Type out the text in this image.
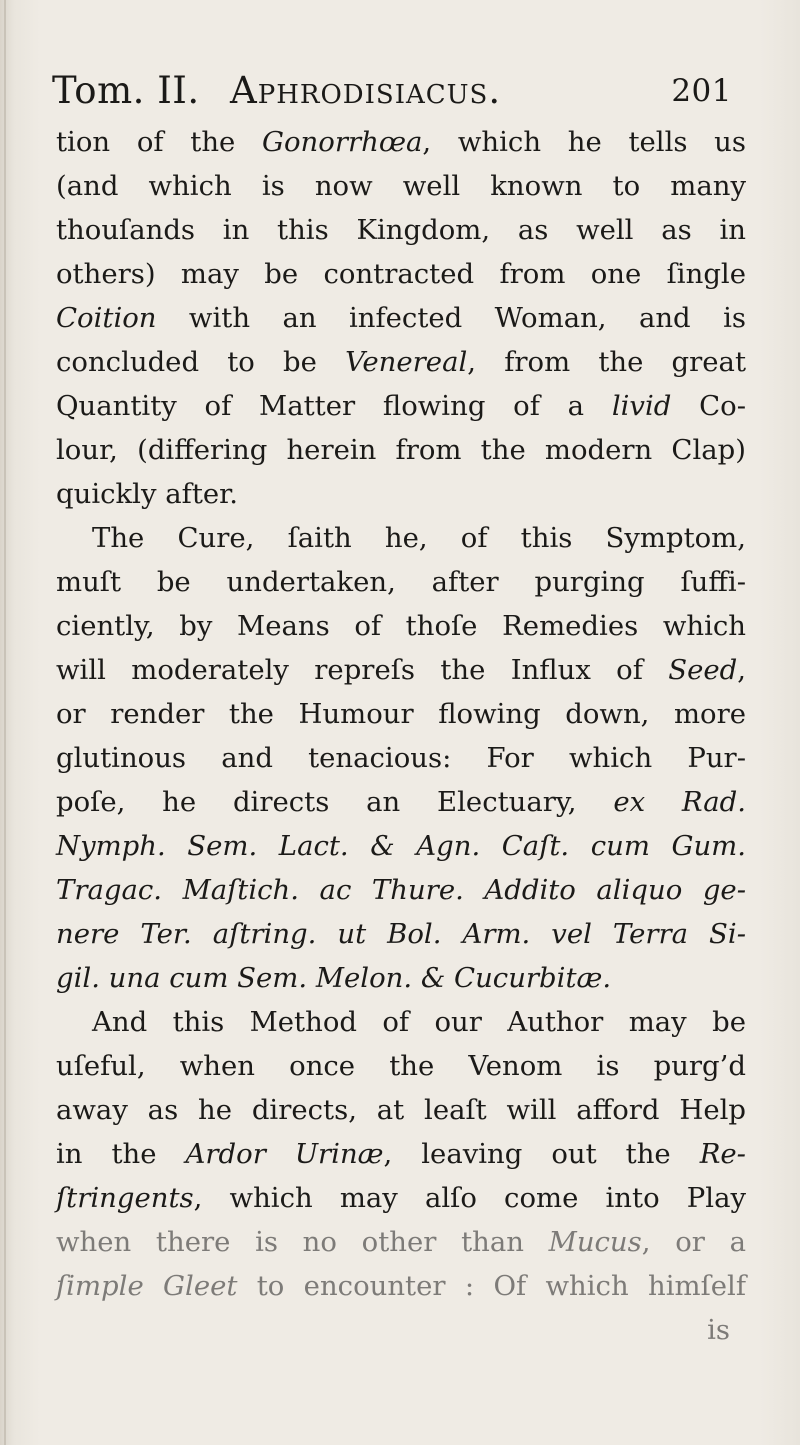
Tom. II. Aphrodisiacus.	201
tion of the Gonorrhœa, which he tells us
(and which is now well known to many
thouſands in this Kingdom, as well as in
others) may be contracted from one ſingle
Coition with an infected Woman, and is
concluded to be Venereal, from the great
Quantity of Matter flowing of a livid Co-
lour, (differing herein from the modern Clap)
quickly after.
The Cure, ſaith he, of this Symptom,
muſt be undertaken, after purging ſuffi-
ciently, by Means of thoſe Remedies which
will moderately repreſs the Influx of Seed,
or render the Humour flowing down, more
glutinous and tenacious: For which Pur-
poſe, he directs an Electuary, ex Rad.
Nymph. Sem. Lact. & Agn. Caſt. cum Gum.
Tragac. Maſtich. ac Thure. Addito aliquo ge-
nere Ter. aſtring. ut Bol. Arm. vel Terra Si-
gil. una cum Sem. Melon. & Cucurbitæ.
And this Method of our Author may be
uſeful, when once the Venom is purg’d
away as he directs, at leaſt will afford Help
in the Ardor Urinæ, leaving out the Re-
ſtringents, which may alſo come into Play
when there is no other than Mucus, or a
ſimple Gleet to encounter : Of which himſelf
is
